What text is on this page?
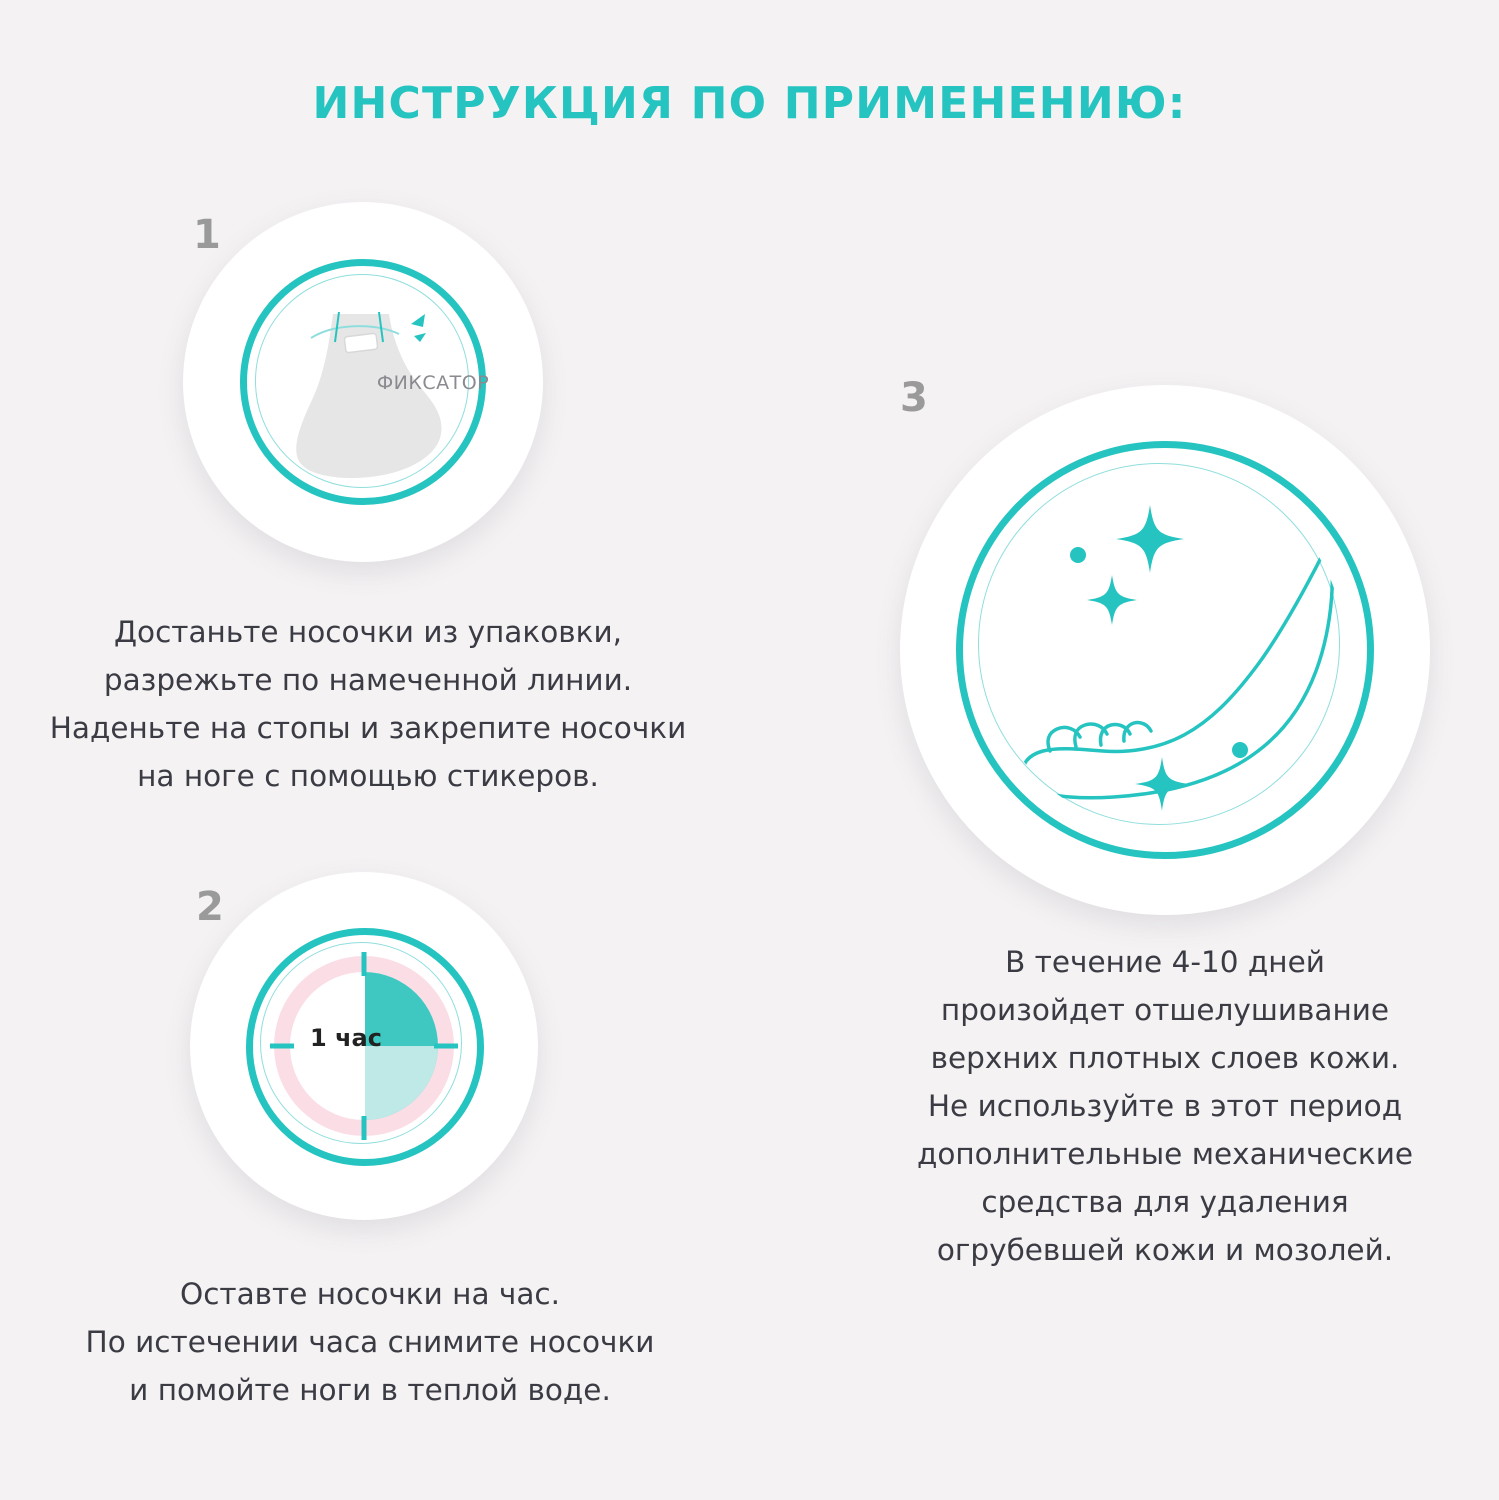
ИНСТРУКЦИЯ ПО ПРИМЕНЕНИЮ:
1
ФИКСАТОР
Достаньте носочки из упаковки,
разрежьте по намеченной линии.
Наденьте на стопы и закрепите носочки
на ноге с помощью стикеров.
2
1 час
Оставте носочки на час.
По истечении часа снимите носочки
и помойте ноги в теплой воде.
3
В течение 4-10 дней
произойдет отшелушивание
верхних плотных слоев кожи.
Не используйте в этот период
дополнительные механические
средства для удаления
огрубевшей кожи и мозолей.
